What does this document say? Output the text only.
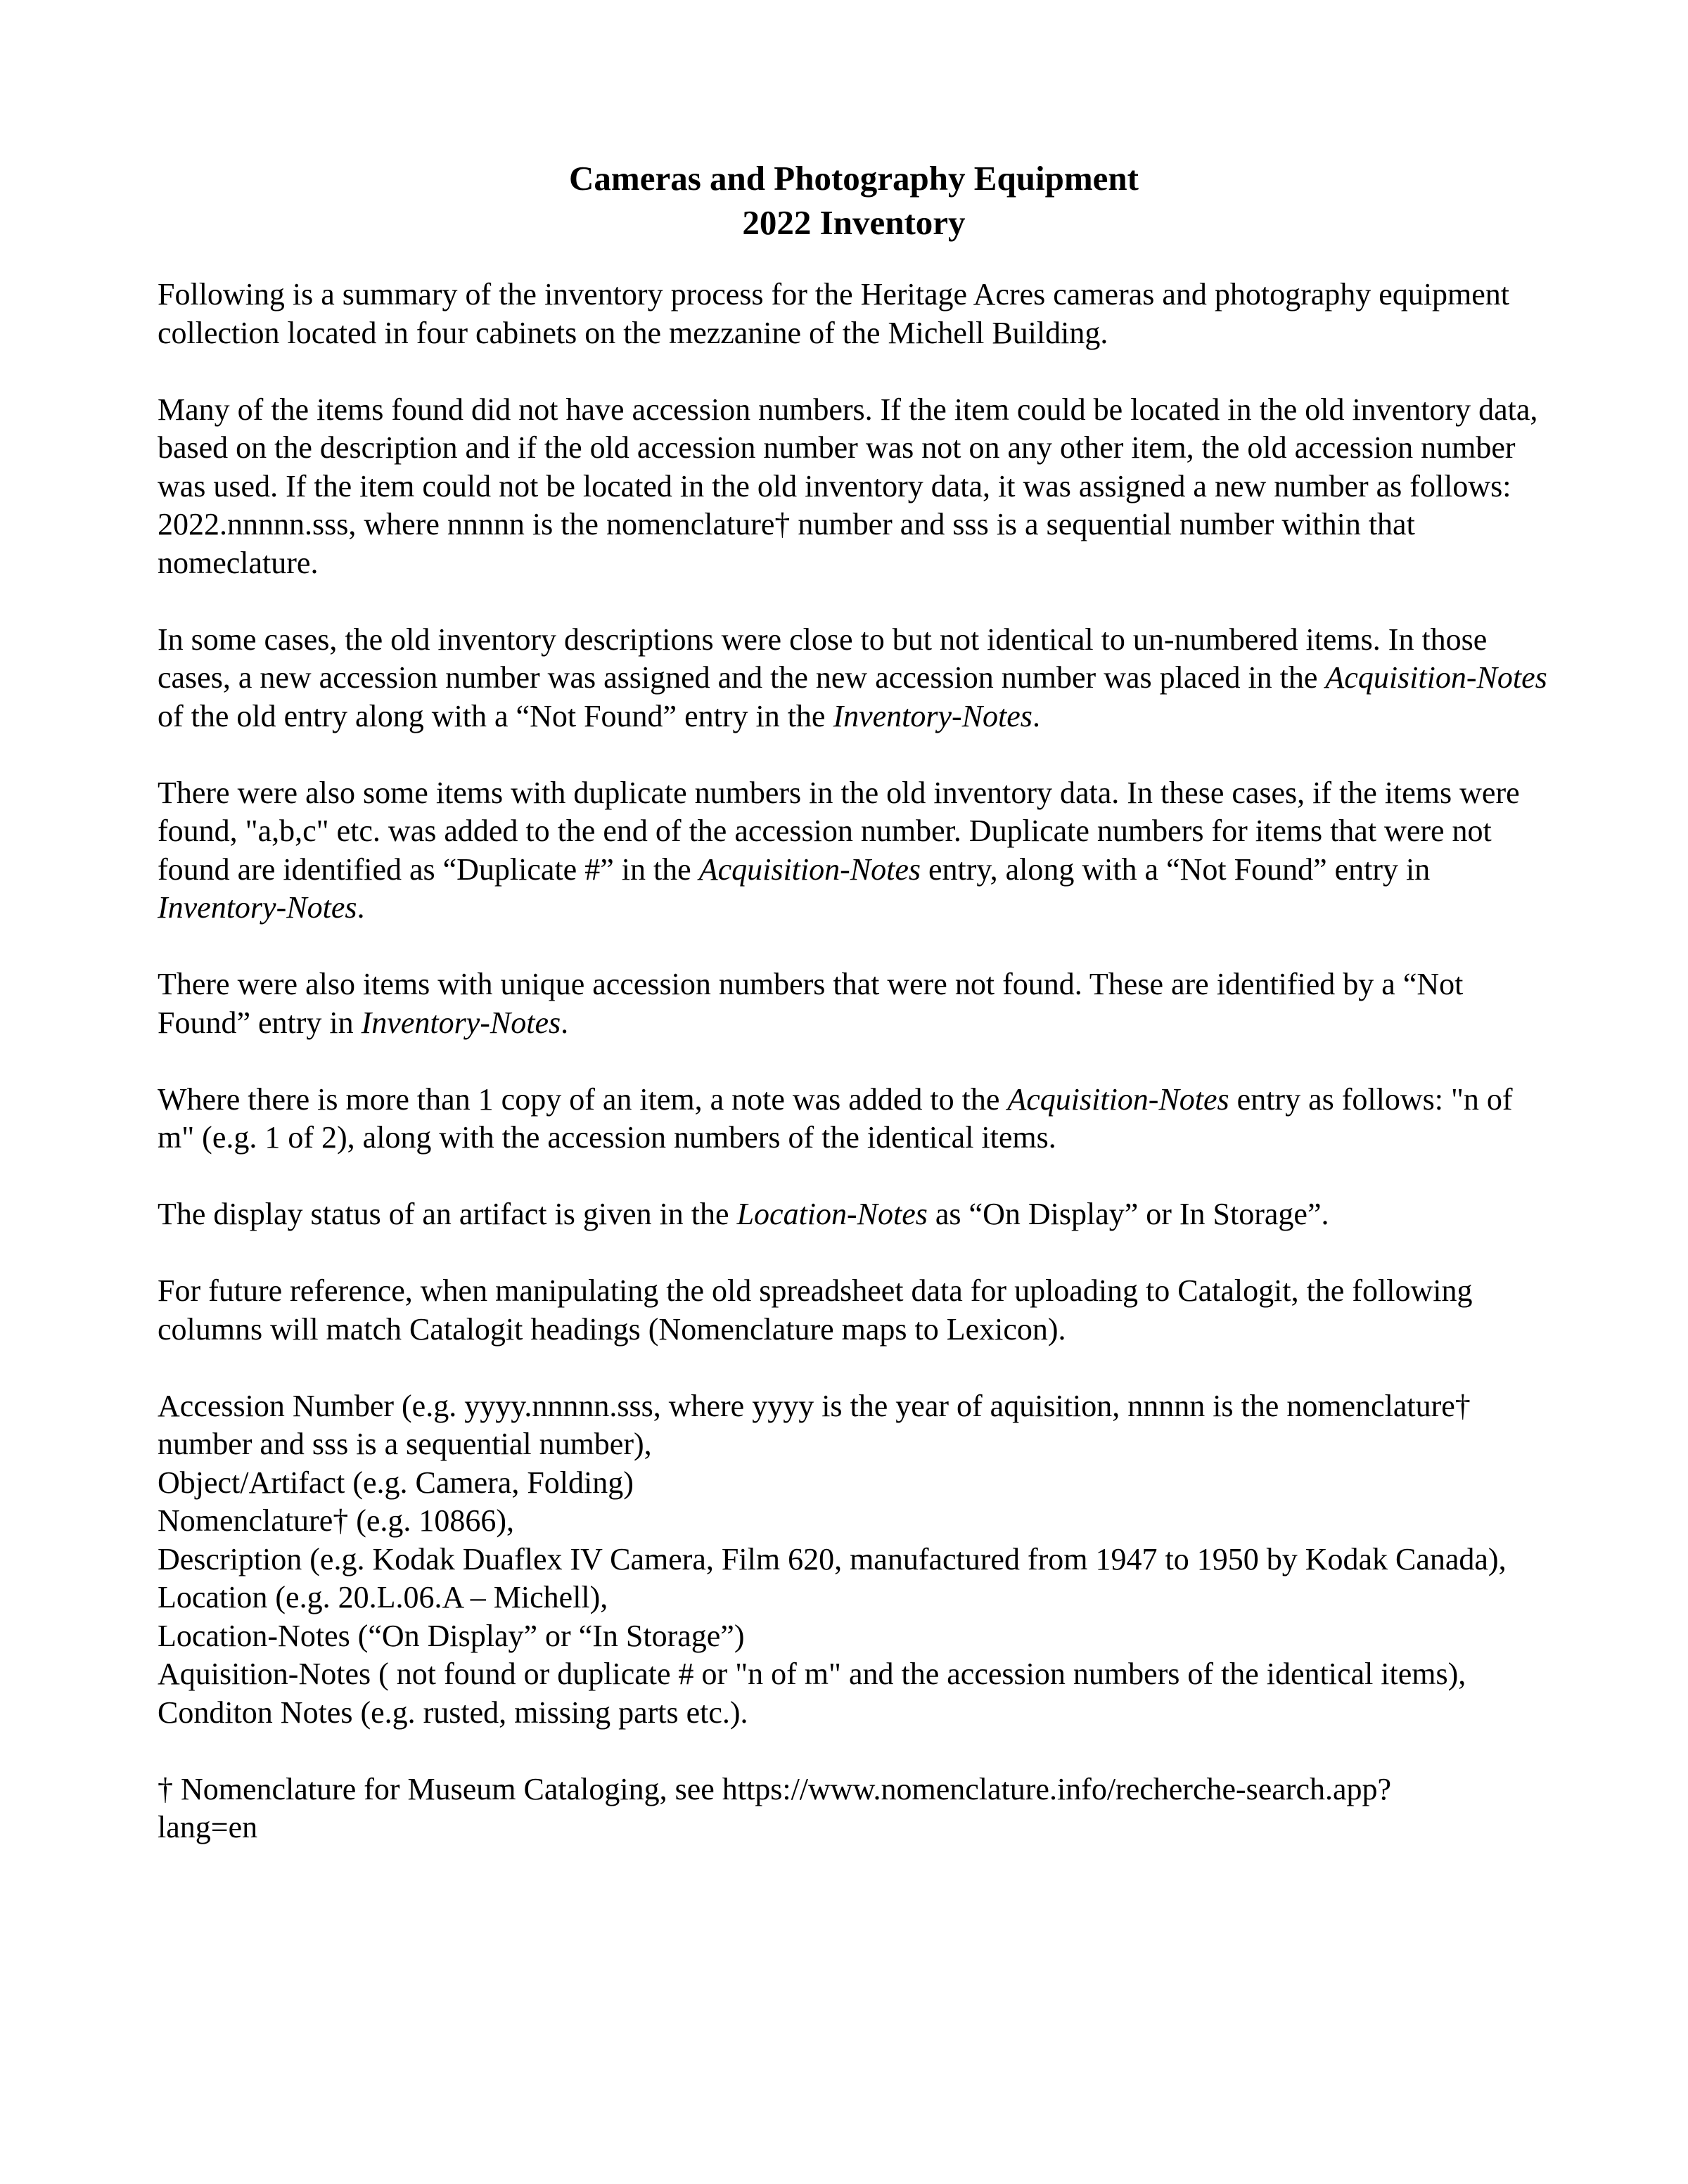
Cameras and Photography Equipment
2022 Inventory

Following is a summary of the inventory process for the Heritage Acres cameras and photography equipment collection located in four cabinets on the mezzanine of the Michell Building.

Many of the items found did not have accession numbers. If the item could be located in the old inventory data, based on the description and if the old accession number was not on any other item, the old accession number was used. If the item could not be located in the old inventory data, it was assigned a new number as follows: 2022.nnnnn.sss, where nnnnn is the nomenclature† number and sss is a sequential number within that nomeclature.

In some cases, the old inventory descriptions were close to but not identical to un-numbered items. In those cases, a new accession number was assigned and the new accession number was placed in the Acquisition-Notes of the old entry along with a “Not Found” entry in the Inventory-Notes.

There were also some items with duplicate numbers in the old inventory data. In these cases, if the items were found, "a,b,c" etc. was added to the end of the accession number. Duplicate numbers for items that were not found are identified as “Duplicate #” in the Acquisition-Notes entry, along with a “Not Found” entry in Inventory-Notes.

There were also items with unique accession numbers that were not found. These are identified by a “Not Found” entry in Inventory-Notes.

Where there is more than 1 copy of an item, a note was added to the Acquisition-Notes entry as follows: "n of m" (e.g. 1 of 2), along with the accession numbers of the identical items.

The display status of an artifact is given in the Location-Notes as “On Display” or In Storage”.

For future reference, when manipulating the old spreadsheet data for uploading to Catalogit, the following columns will match Catalogit headings (Nomenclature maps to Lexicon).

Accession Number (e.g. yyyy.nnnnn.sss, where yyyy is the year of aquisition, nnnnn is the nomenclature† number and sss is a sequential number),

Object/Artifact (e.g. Camera, Folding)

Nomenclature† (e.g. 10866),

Description (e.g. Kodak Duaflex IV Camera, Film 620, manufactured from 1947 to 1950 by Kodak Canada),

Location (e.g. 20.L.06.A – Michell),

Location-Notes (“On Display” or “In Storage”)

Aquisition-Notes ( not found or duplicate # or "n of m" and the accession numbers of the identical items),

Conditon Notes (e.g. rusted, missing parts etc.).

† Nomenclature for Museum Cataloging, see https://www.nomenclature.info/recherche-search.app?

lang=en
